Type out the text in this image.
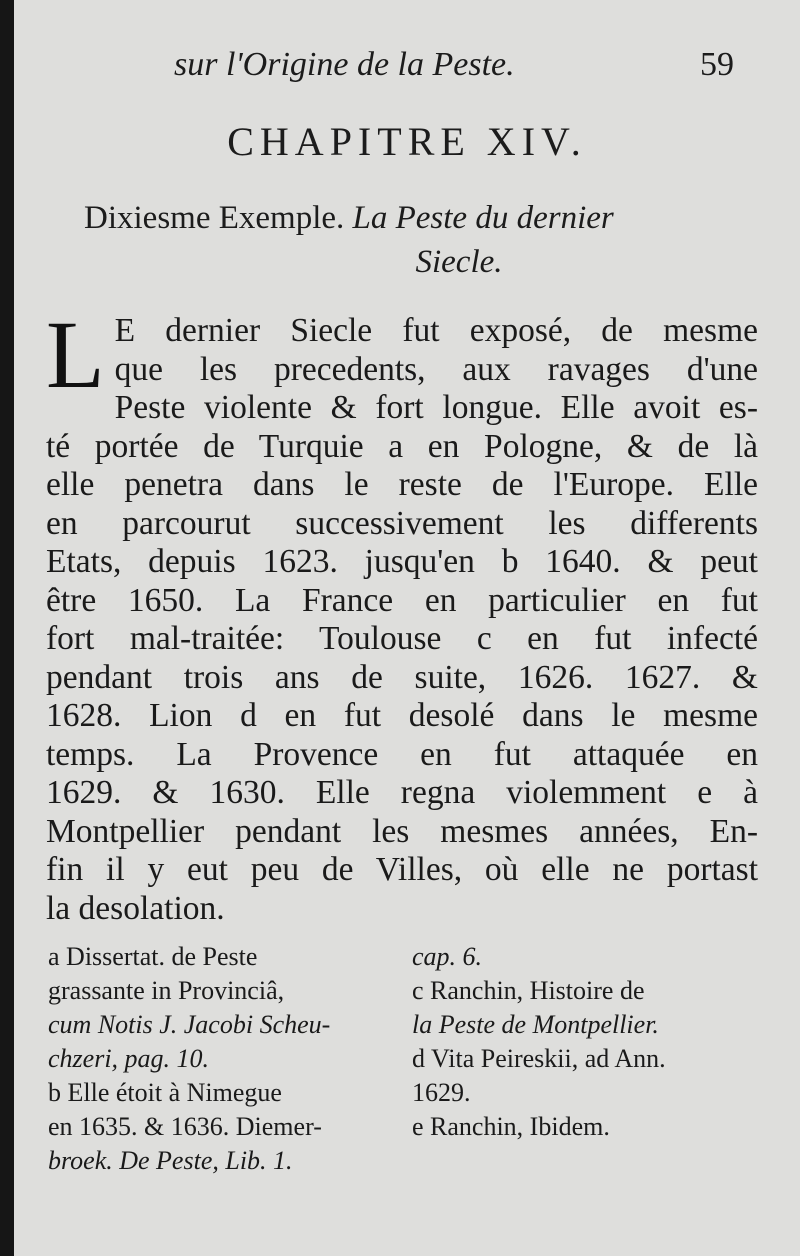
sur l'Origine de la Peste.	59
CHAPITRE XIV.
Dixiesme Exemple. La Peste du dernier
Siecle.
L E dernier Siecle fut exposé, de mesme
que les precedents, aux ravages d'une
Peste violente & fort longue. Elle avoit es-
té portée de Turquie a en Pologne, & de là
elle penetra dans le reste de l'Europe. Elle
en parcourut successivement les differents
Etats, depuis 1623. jusqu'en b 1640. & peut
être 1650. La France en particulier en fut
fort mal-traitée: Toulouse c en fut infecté
pendant trois ans de suite, 1626. 1627. &
1628. Lion d en fut desolé dans le mesme
temps. La Provence en fut attaquée en
1629. & 1630. Elle regna violemment e à
Montpellier pendant les mesmes années, En-
fin il y eut peu de Villes, où elle ne portast
la desolation.
a Dissertat. de Peste
grassante in Provinciâ,
cum Notis J. Jacobi Scheu-
chzeri, pag. 10.
b Elle étoit à Nimegue
en 1635. & 1636. Diemer-
broek. De Peste, Lib. 1.
cap. 6.
c Ranchin, Histoire de
la Peste de Montpellier.
d Vita Peireskii, ad Ann.
1629.
e Ranchin, Ibidem.
